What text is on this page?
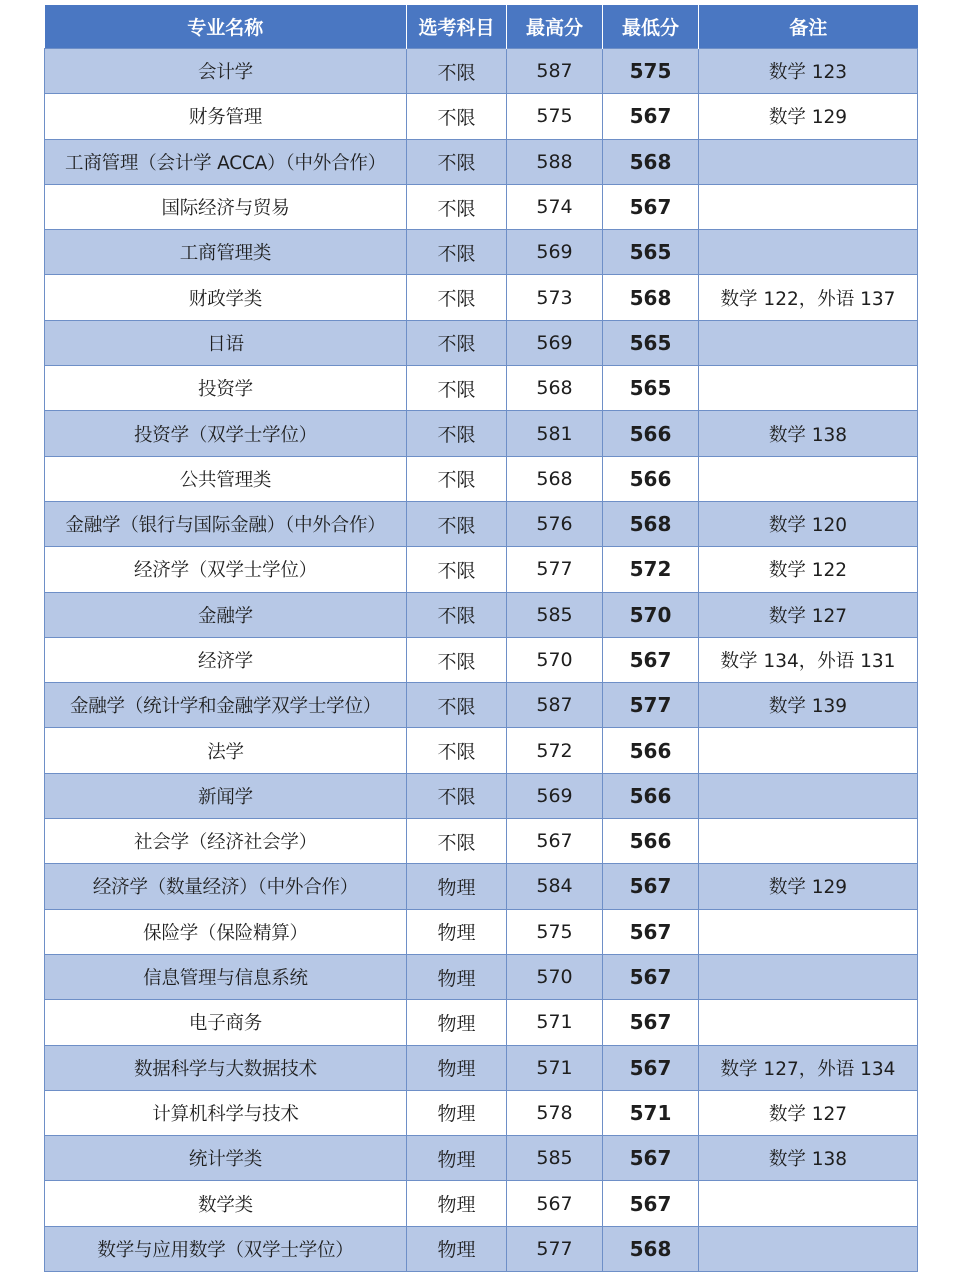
专业名称	选考科目	最高分	最低分	备注
会计学	不限	587	575	数学 123
财务管理	不限	575	567	数学 129
工商管理（会计学 ACCA）（中外合作）	不限	588	568	
国际经济与贸易	不限	574	567	
工商管理类	不限	569	565	
财政学类	不限	573	568	数学 122，外语 137
日语	不限	569	565	
投资学	不限	568	565	
投资学（双学士学位）	不限	581	566	数学 138
公共管理类	不限	568	566	
金融学（银行与国际金融）（中外合作）	不限	576	568	数学 120
经济学（双学士学位）	不限	577	572	数学 122
金融学	不限	585	570	数学 127
经济学	不限	570	567	数学 134，外语 131
金融学（统计学和金融学双学士学位）	不限	587	577	数学 139
法学	不限	572	566	
新闻学	不限	569	566	
社会学（经济社会学）	不限	567	566	
经济学（数量经济）（中外合作）	物理	584	567	数学 129
保险学（保险精算）	物理	575	567	
信息管理与信息系统	物理	570	567	
电子商务	物理	571	567	
数据科学与大数据技术	物理	571	567	数学 127，外语 134
计算机科学与技术	物理	578	571	数学 127
统计学类	物理	585	567	数学 138
数学类	物理	567	567	
数学与应用数学（双学士学位）	物理	577	568	
